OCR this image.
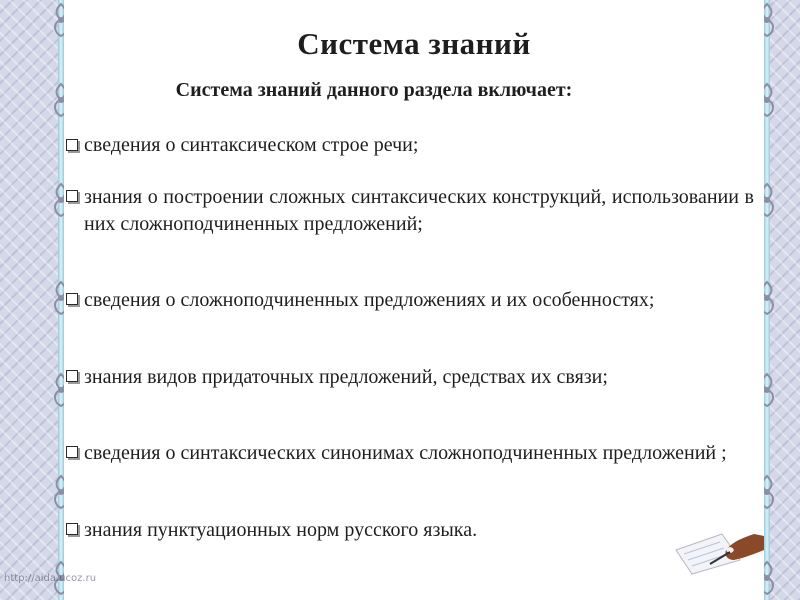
Система знаний
Система знаний данного раздела включает:
сведения о синтаксическом строе речи;
знания о построении сложных синтаксических конструкций, использовании в них сложноподчиненных предложений;
сведения о сложноподчиненных предложениях и их особенностях;
знания видов придаточных предложений, средствах их связи;
сведения о синтаксических синонимах сложноподчиненных предложений ;
знания пунктуационных норм русского языка.
http://aida.ucoz.ru
